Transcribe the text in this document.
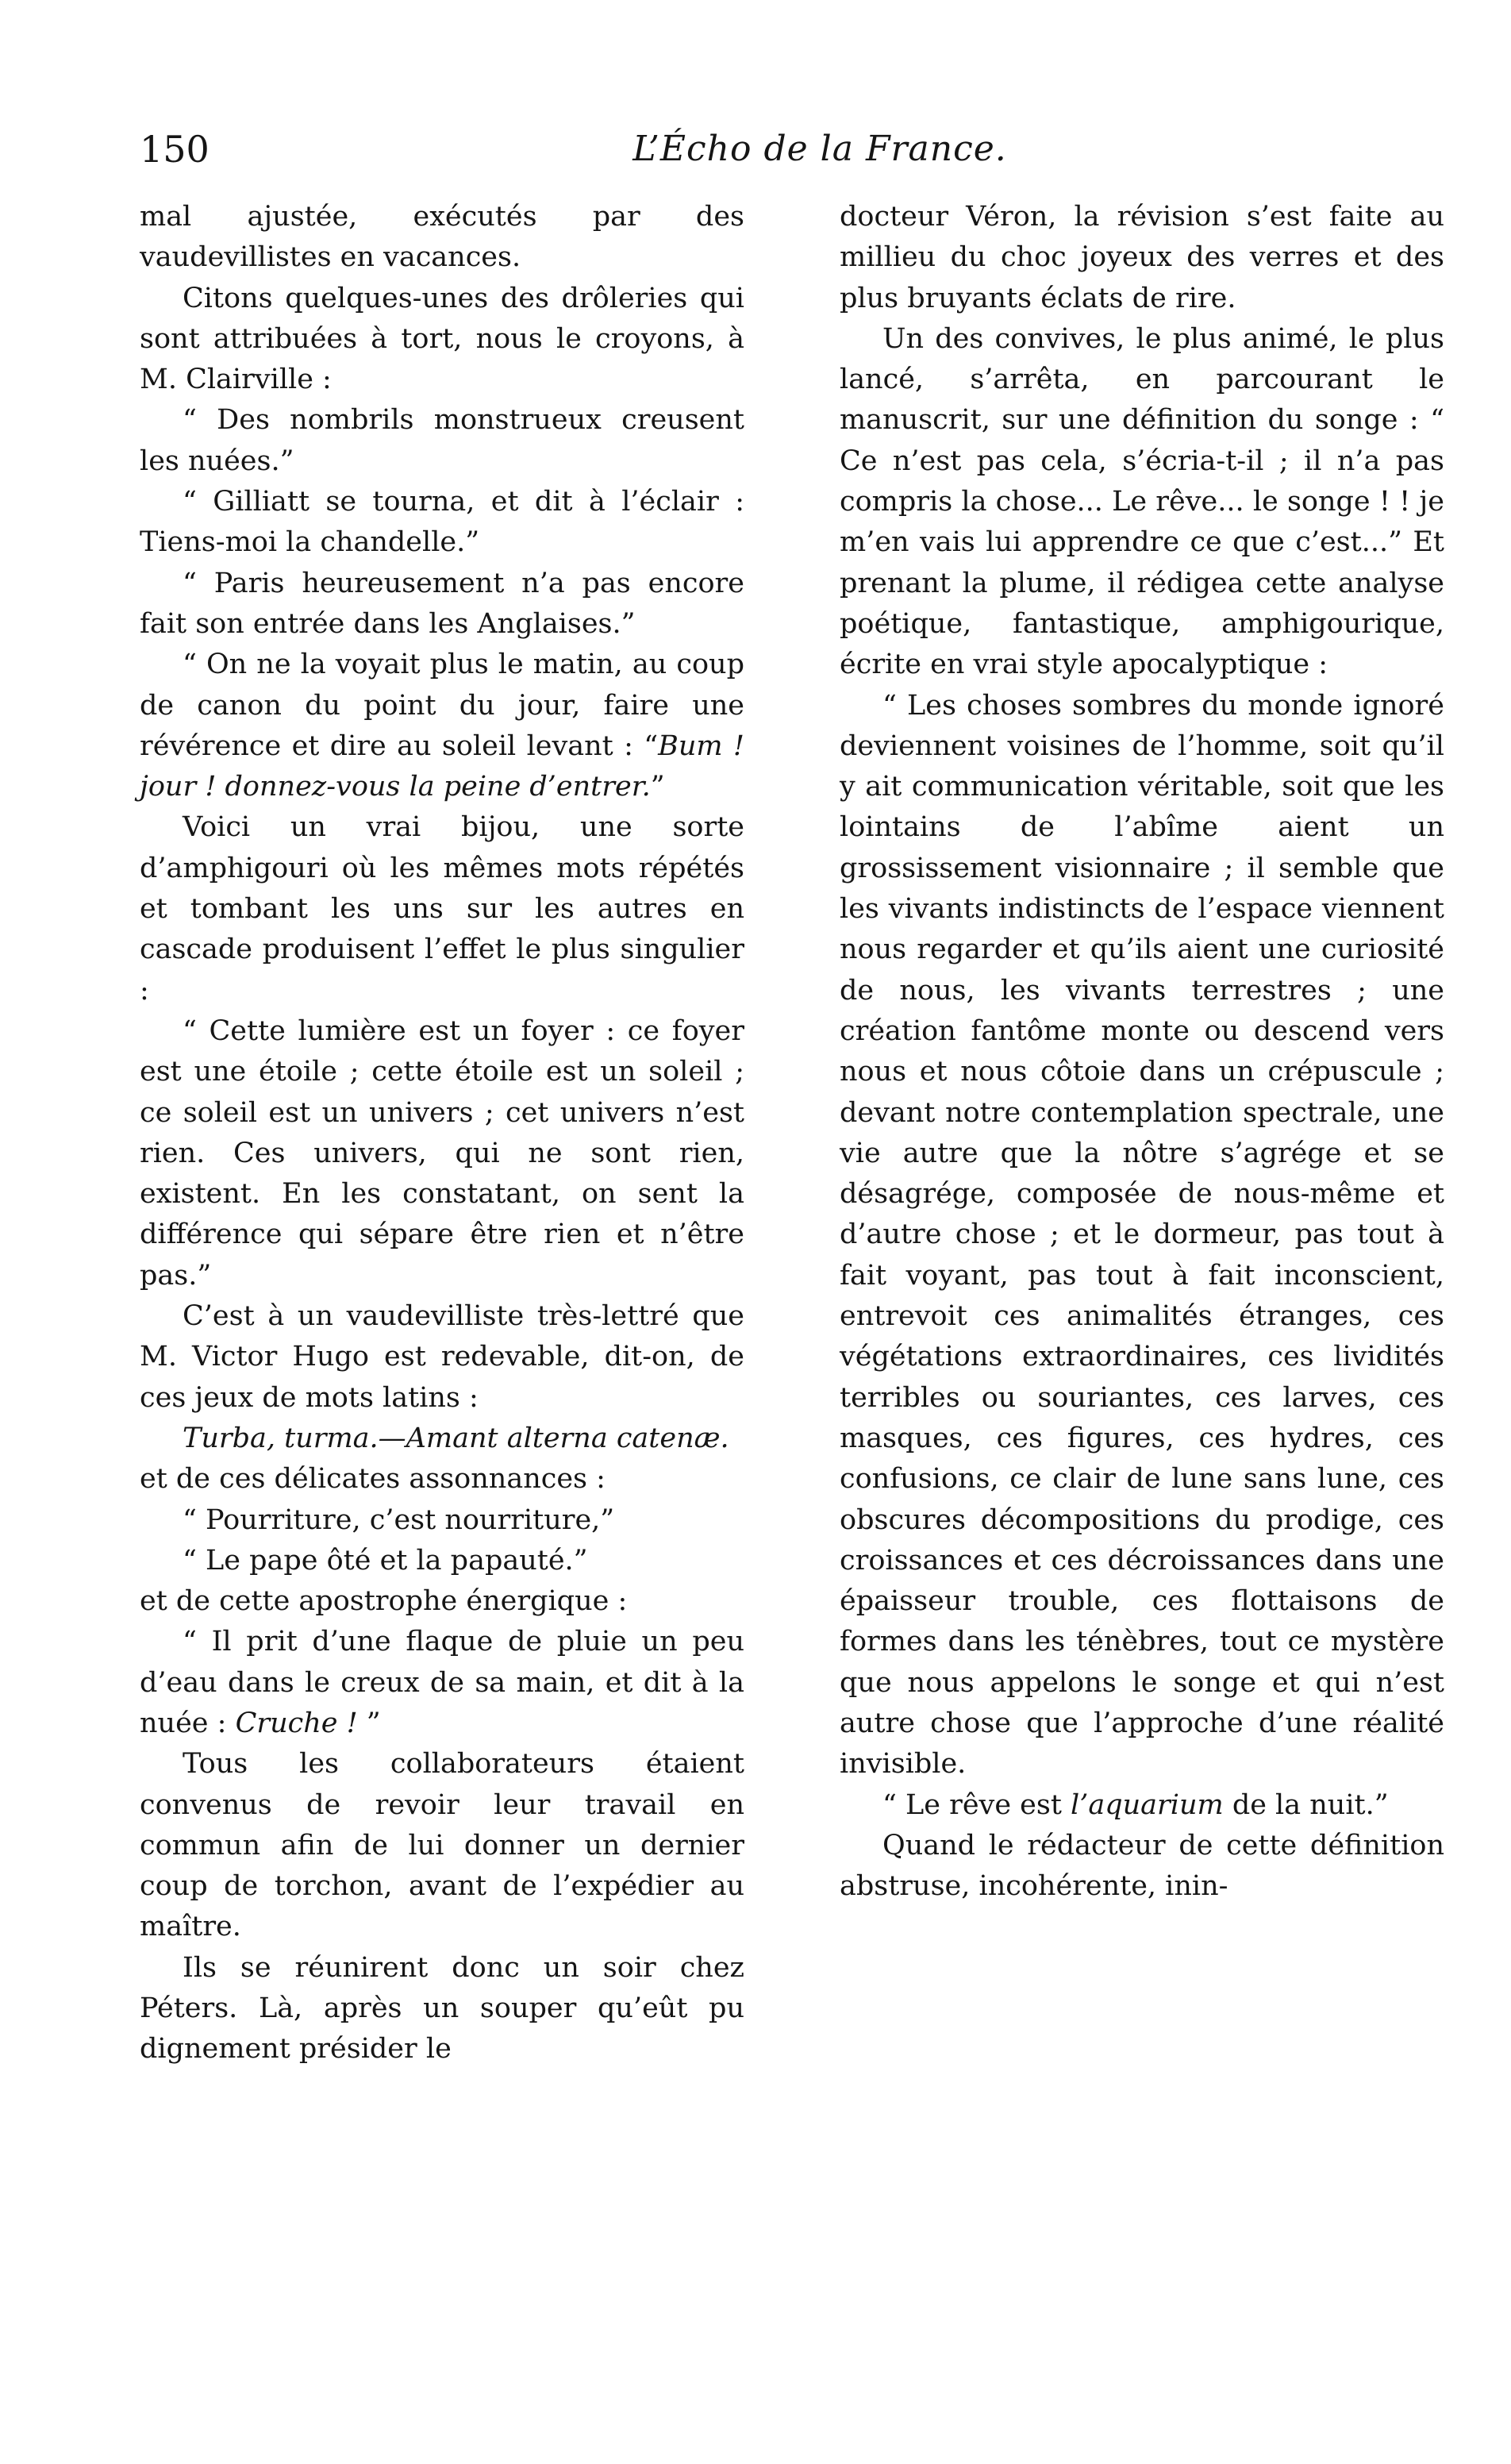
150	L’Écho de la France.

mal ajustée, exécutés par des vaudevillistes en vacances.

Citons quelques-unes des drôleries qui sont attribuées à tort, nous le croyons, à M. Clairville :

“ Des nombrils monstrueux creusent les nuées.”

“ Gilliatt se tourna, et dit à l’éclair : Tiens-moi la chandelle.”

“ Paris heureusement n’a pas encore fait son entrée dans les Anglaises.”

“ On ne la voyait plus le matin, au coup de canon du point du jour, faire une révérence et dire au soleil levant : “Bum ! jour ! donnez-vous la peine d’entrer.”

Voici un vrai bijou, une sorte d’amphigouri où les mêmes mots répétés et tombant les uns sur les autres en cascade produisent l’effet le plus singulier :

“ Cette lumière est un foyer : ce foyer est une étoile ; cette étoile est un soleil ; ce soleil est un univers ; cet univers n’est rien. Ces univers, qui ne sont rien, existent. En les constatant, on sent la différence qui sépare être rien et n’être pas.”

C’est à un vaudevilliste très-lettré que M. Victor Hugo est redevable, dit-on, de ces jeux de mots latins :

Turba, turma.—Amant alterna catenæ.

et de ces délicates assonnances :

“ Pourriture, c’est nourriture,”

“ Le pape ôté et la papauté.”

et de cette apostrophe énergique :

“ Il prit d’une flaque de pluie un peu d’eau dans le creux de sa main, et dit à la nuée : Cruche ! ”

Tous les collaborateurs étaient convenus de revoir leur travail en commun afin de lui donner un dernier coup de torchon, avant de l’expédier au maître.

Ils se réunirent donc un soir chez Péters. Là, après un souper qu’eût pu dignement présider le

docteur Véron, la révision s’est faite au millieu du choc joyeux des verres et des plus bruyants éclats de rire.

Un des convives, le plus animé, le plus lancé, s’arrêta, en parcourant le manuscrit, sur une définition du songe : “ Ce n’est pas cela, s’écria-t-il ; il n’a pas compris la chose... Le rêve... le songe ! ! je m’en vais lui apprendre ce que c’est...” Et prenant la plume, il rédigea cette analyse poétique, fantastique, amphigourique, écrite en vrai style apocalyptique :

“ Les choses sombres du monde ignoré deviennent voisines de l’homme, soit qu’il y ait communication véritable, soit que les lointains de l’abîme aient un grossissement visionnaire ; il semble que les vivants indistincts de l’espace viennent nous regarder et qu’ils aient une curiosité de nous, les vivants terrestres ; une création fantôme monte ou descend vers nous et nous côtoie dans un crépuscule ; devant notre contemplation spectrale, une vie autre que la nôtre s’agrége et se désagrége, composée de nous-même et d’autre chose ; et le dormeur, pas tout à fait voyant, pas tout à fait inconscient, entrevoit ces animalités étranges, ces végétations extraordinaires, ces lividités terribles ou souriantes, ces larves, ces masques, ces figures, ces hydres, ces confusions, ce clair de lune sans lune, ces obscures décompositions du prodige, ces croissances et ces décroissances dans une épaisseur trouble, ces flottaisons de formes dans les ténèbres, tout ce mystère que nous appelons le songe et qui n’est autre chose que l’approche d’une réalité invisible.

“ Le rêve est l’aquarium de la nuit.”

Quand le rédacteur de cette définition abstruse, incohérente, inin-
